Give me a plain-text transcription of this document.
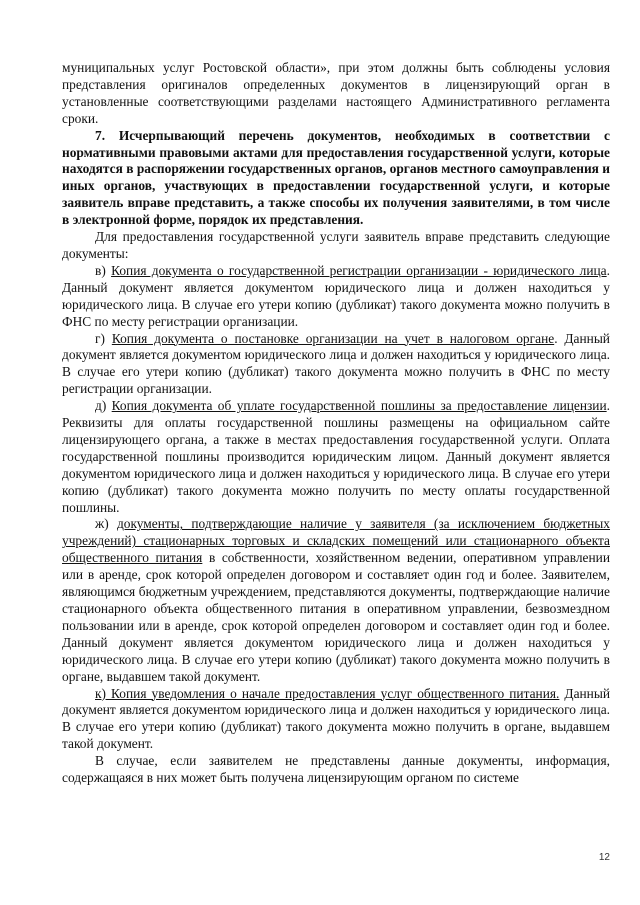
муниципальных услуг Ростовской области», при этом должны быть соблюдены условия представления оригиналов определенных документов в лицензирующий орган в установленные соответствующими разделами настоящего Административного регламента сроки.

7. Исчерпывающий перечень документов, необходимых в соответствии с нормативными правовыми актами для предоставления государственной услуги, которые находятся в распоряжении государственных органов, органов местного самоуправления и иных органов, участвующих в предоставлении государственной услуги, и которые заявитель вправе представить, а также способы их получения заявителями, в том числе в электронной форме, порядок их представления.

Для предоставления государственной услуги заявитель вправе представить следующие документы:

в) Копия документа о государственной регистрации организации - юридического лица. Данный документ является документом юридического лица и должен находиться у юридического лица. В случае его утери копию (дубликат) такого документа можно получить в ФНС по месту регистрации организации.

г) Копия документа о постановке организации на учет в налоговом органе. Данный документ является документом юридического лица и должен находиться у юридического лица. В случае его утери копию (дубликат) такого документа можно получить в ФНС по месту регистрации организации.

д) Копия документа об уплате государственной пошлины за предоставление лицензии. Реквизиты для оплаты государственной пошлины размещены на официальном сайте лицензирующего органа, а также в местах предоставления государственной услуги. Оплата государственной пошлины производится юридическим лицом. Данный документ является документом юридического лица и должен находиться у юридического лица. В случае его утери копию (дубликат) такого документа можно получить по месту оплаты государственной пошлины.

ж) документы, подтверждающие наличие у заявителя (за исключением бюджетных учреждений) стационарных торговых и складских помещений или стационарного объекта общественного питания в собственности, хозяйственном ведении, оперативном управлении или в аренде, срок которой определен договором и составляет один год и более. Заявителем, являющимся бюджетным учреждением, представляются документы, подтверждающие наличие стационарного объекта общественного питания в оперативном управлении, безвозмездном пользовании или в аренде, срок которой определен договором и составляет один год и более. Данный документ является документом юридического лица и должен находиться у юридического лица. В случае его утери копию (дубликат) такого документа можно получить в органе, выдавшем такой документ.

к) Копия уведомления о начале предоставления услуг общественного питания. Данный документ является документом юридического лица и должен находиться у юридического лица. В случае его утери копию (дубликат) такого документа можно получить в органе, выдавшем такой документ.

В случае, если заявителем не представлены данные документы, информация, содержащаяся в них может быть получена лицензирующим органом по системе

12
